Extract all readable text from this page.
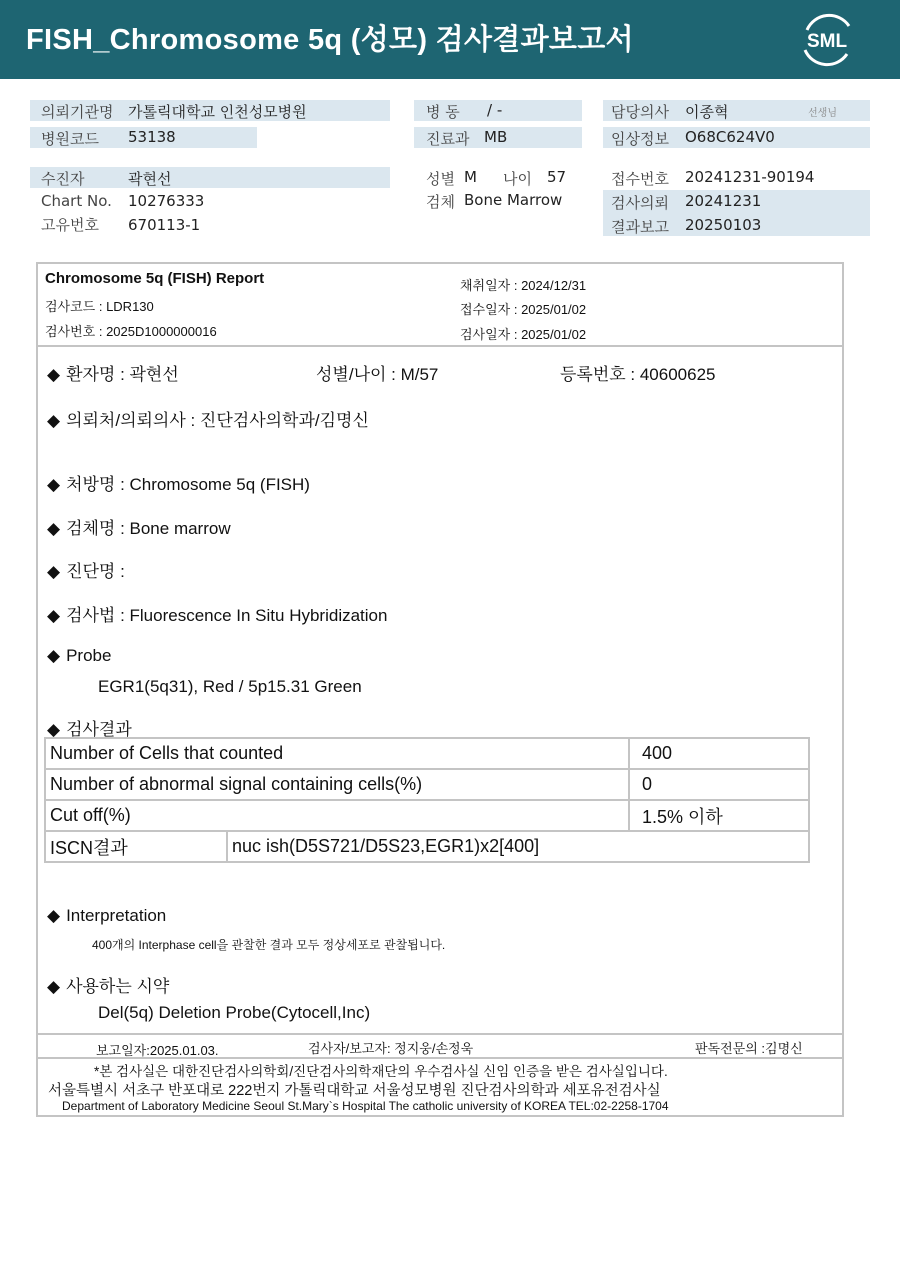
FISH_Chromosome 5q (성모) 검사결과보고서	SML
의뢰기관명 가톨릭대학교 인천성모병원
병원코드 53138
병 동 / -
진료과 MB
담당의사 이종혁	선생님
임상정보 O68C624V0
수진자	곽현선
Chart No. 10276333
고유번호 670113-1
성별 M 나이 57
검체 Bone Marrow
접수번호 20241231-90194
검사의뢰 20241231
결과보고 20250103
Chromosome 5q (FISH) Report
검사코드 : LDR130
검사번호 : 2025D1000000016
채취일자 : 2024/12/31
접수일자 : 2025/01/02
검사일자 : 2025/01/02
◆ 환자명 : 곽현선	성별/나이 : M/57	등록번호 : 40600625
◆ 의뢰처/의뢰의사 : 진단검사의학과/김명신
◆ 처방명 : Chromosome 5q (FISH)
◆ 검체명 : Bone marrow
◆ 진단명 :
◆ 검사법 : Fluorescence In Situ Hybridization
◆ Probe
EGR1(5q31), Red / 5p15.31 Green
◆ 검사결과
Number of Cells that counted		400
Number of abnormal signal containing cells(%)		0
Cut off(%)		1.5% 이하
ISCN결과	nuc ish(D5S721/D5S23,EGR1)x2[400]	
◆ Interpretation
400개의 Interphase cell을 관찰한 결과 모두 정상세포로 관찰됩니다.
◆ 사용하는 시약
Del(5q) Deletion Probe(Cytocell,Inc)
보고일자:2025.01.03.	검사자/보고자: 정지웅/손정욱	판독전문의 :김명신
*본 검사실은 대한진단검사의학회/진단검사의학재단의 우수검사실 신임 인증을 받은 검사실입니다.
서울특별시 서초구 반포대로 222번지 가톨릭대학교 서울성모병원 진단검사의학과 세포유전검사실
Department of Laboratory Medicine Seoul St.Mary`s Hospital The catholic university of KOREA TEL:02-2258-1704
